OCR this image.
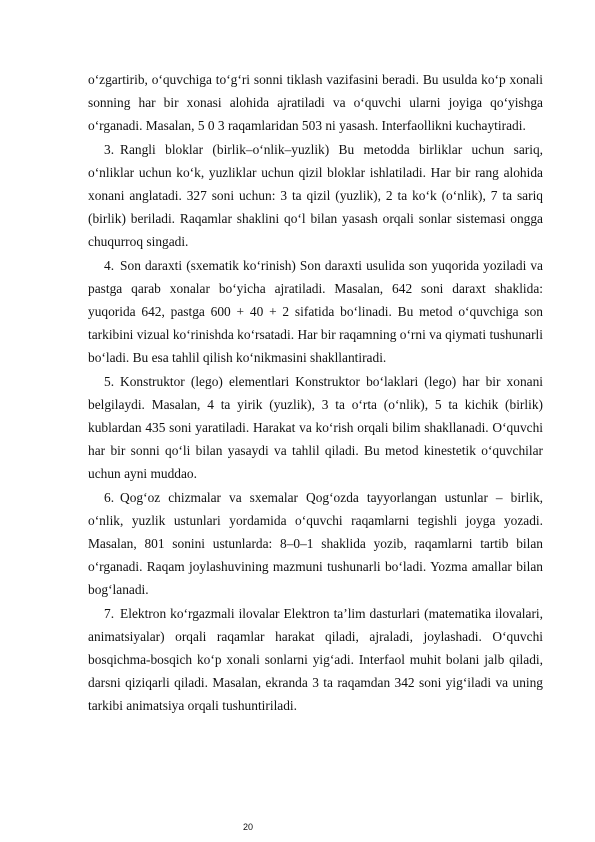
o‘zgartirib, o‘quvchiga to‘g‘ri sonni tiklash vazifasini beradi. Bu usulda ko‘p xonali sonning har bir xonasi alohida ajratiladi va o‘quvchi ularni joyiga qo‘yishga o‘rganadi. Masalan, 5 0 3 raqamlaridan 503 ni yasash. Interfaollikni kuchaytiradi.

3. Rangli bloklar (birlik–o‘nlik–yuzlik) Bu metodda birliklar uchun sariq, o‘nliklar uchun ko‘k, yuzliklar uchun qizil bloklar ishlatiladi. Har bir rang alohida xonani anglatadi. 327 soni uchun: 3 ta qizil (yuzlik), 2 ta ko‘k (o‘nlik), 7 ta sariq (birlik) beriladi. Raqamlar shaklini qo‘l bilan yasash orqali sonlar sistemasi ongga chuqurroq singadi.

4. Son daraxti (sxematik ko‘rinish) Son daraxti usulida son yuqorida yoziladi va pastga qarab xonalar bo‘yicha ajratiladi. Masalan, 642 soni daraxt shaklida: yuqorida 642, pastga 600 + 40 + 2 sifatida bo‘linadi. Bu metod o‘quvchiga son tarkibini vizual ko‘rinishda ko‘rsatadi. Har bir raqamning o‘rni va qiymati tushunarli bo‘ladi. Bu esa tahlil qilish ko‘nikmasini shakllantiradi.

5. Konstruktor (lego) elementlari Konstruktor bo‘laklari (lego) har bir xonani belgilaydi. Masalan, 4 ta yirik (yuzlik), 3 ta o‘rta (o‘nlik), 5 ta kichik (birlik) kublardan 435 soni yaratiladi. Harakat va ko‘rish orqali bilim shakllanadi. O‘quvchi har bir sonni qo‘li bilan yasaydi va tahlil qiladi. Bu metod kinestetik o‘quvchilar uchun ayni muddao.

6. Qog‘oz chizmalar va sxemalar Qog‘ozda tayyorlangan ustunlar – birlik, o‘nlik, yuzlik ustunlari yordamida o‘quvchi raqamlarni tegishli joyga yozadi. Masalan, 801 sonini ustunlarda: 8–0–1 shaklida yozib, raqamlarni tartib bilan o‘rganadi. Raqam joylashuvining mazmuni tushunarli bo‘ladi. Yozma amallar bilan bog‘lanadi.

7. Elektron ko‘rgazmali ilovalar Elektron ta’lim dasturlari (matematika ilovalari, animatsiyalar) orqali raqamlar harakat qiladi, ajraladi, joylashadi. O‘quvchi bosqichma-bosqich ko‘p xonali sonlarni yig‘adi. Interfaol muhit bolani jalb qiladi, darsni qiziqarli qiladi. Masalan, ekranda 3 ta raqamdan 342 soni yig‘iladi va uning tarkibi animatsiya orqali tushuntiriladi.

20
